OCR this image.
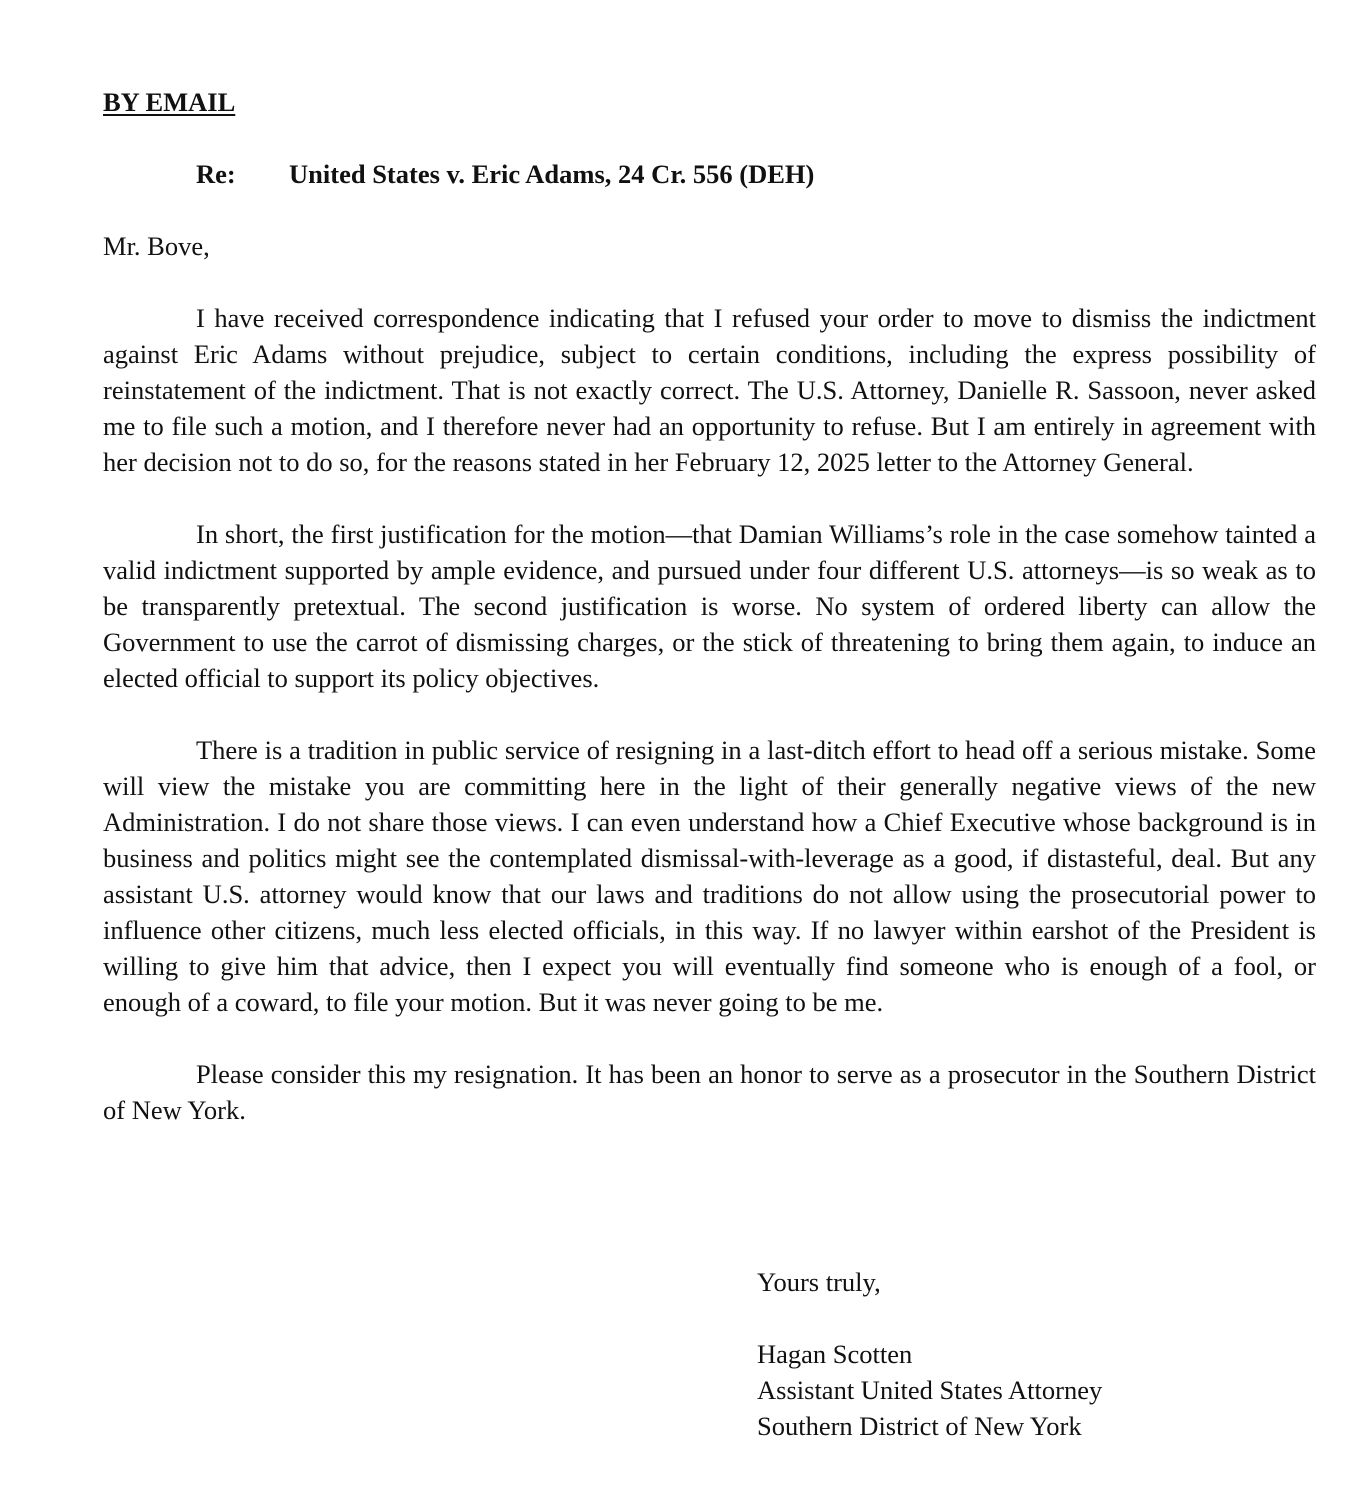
BY EMAIL

Re: United States v. Eric Adams, 24 Cr. 556 (DEH)

Mr. Bove,

I have received correspondence indicating that I refused your order to move to dismiss the indictment against Eric Adams without prejudice, subject to certain conditions, including the express possibility of reinstatement of the indictment. That is not exactly correct. The U.S. Attorney, Danielle R. Sassoon, never asked me to file such a motion, and I therefore never had an opportunity to refuse. But I am entirely in agreement with her decision not to do so, for the reasons stated in her February 12, 2025 letter to the Attorney General.

In short, the first justification for the motion—that Damian Williams’s role in the case somehow tainted a valid indictment supported by ample evidence, and pursued under four different U.S. attorneys—is so weak as to be transparently pretextual. The second justification is worse. No system of ordered liberty can allow the Government to use the carrot of dismissing charges, or the stick of threatening to bring them again, to induce an elected official to support its policy objectives.

There is a tradition in public service of resigning in a last-ditch effort to head off a serious mistake. Some will view the mistake you are committing here in the light of their generally negative views of the new Administration. I do not share those views. I can even understand how a Chief Executive whose background is in business and politics might see the contemplated dismissal-with-leverage as a good, if distasteful, deal. But any assistant U.S. attorney would know that our laws and traditions do not allow using the prosecutorial power to influence other citizens, much less elected officials, in this way. If no lawyer within earshot of the President is willing to give him that advice, then I expect you will eventually find someone who is enough of a fool, or enough of a coward, to file your motion. But it was never going to be me.

Please consider this my resignation. It has been an honor to serve as a prosecutor in the Southern District of New York.

Yours truly,
Hagan Scotten
Assistant United States Attorney
Southern District of New York
